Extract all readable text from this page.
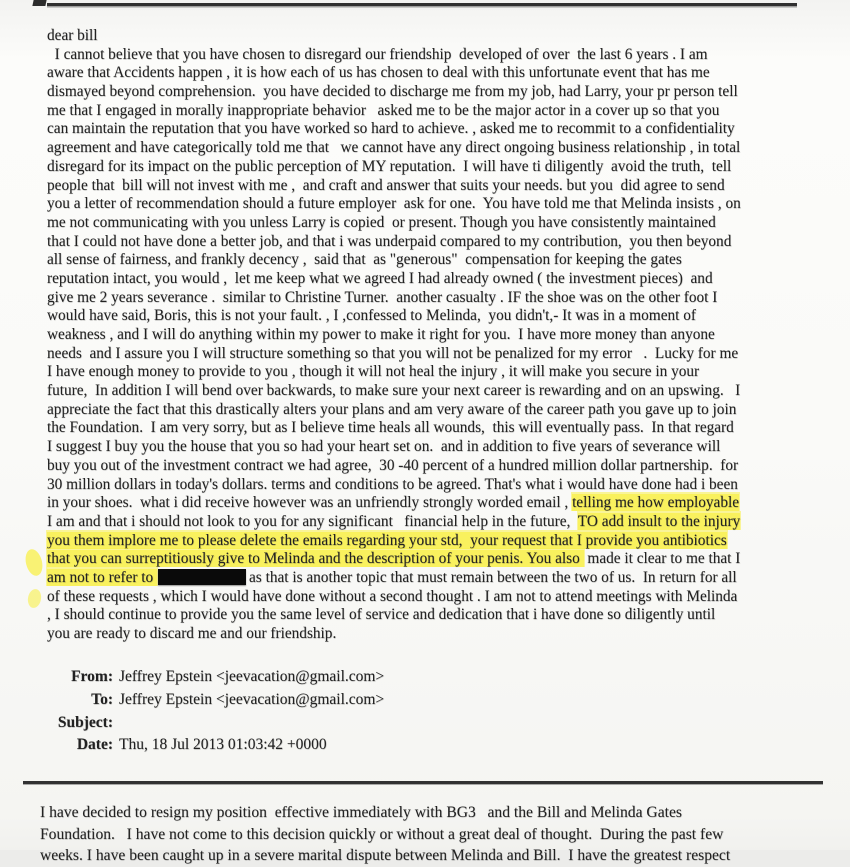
dear bill
I cannot believe that you have chosen to disregard our friendship  developed of over  the last 6 years . I am
aware that Accidents happen , it is how each of us has chosen to deal with this unfortunate event that has me
dismayed beyond comprehension.  you have decided to discharge me from my job, had Larry, your pr person tell
me that I engaged in morally inappropriate behavior   asked me to be the major actor in a cover up so that you
can maintain the reputation that you have worked so hard to achieve. , asked me to recommit to a confidentiality
agreement and have categorically told me that   we cannot have any direct ongoing business relationship , in total
disregard for its impact on the public perception of MY reputation.  I will have ti diligently  avoid the truth,  tell
people that  bill will not invest with me ,  and craft and answer that suits your needs. but you  did agree to send
you a letter of recommendation should a future employer  ask for one.  You have told me that Melinda insists , on
me not communicating with you unless Larry is copied  or present. Though you have consistently maintained
that I could not have done a better job, and that i was underpaid compared to my contribution,  you then beyond
all sense of fairness, and frankly decency ,  said that  as "generous"  compensation for keeping the gates
reputation intact, you would ,  let me keep what we agreed I had already owned ( the investment pieces)  and
give me 2 years severance .  similar to Christine Turner.  another casualty . IF the shoe was on the other foot I
would have said, Boris, this is not your fault. , I ,confessed to Melinda,  you didn't,- It was in a moment of
weakness , and I will do anything within my power to make it right for you.  I have more money than anyone
needs  and I assure you I will structure something so that you will not be penalized for my error   .  Lucky for me
I have enough money to provide to you , though it will not heal the injury , it will make you secure in your
future,  In addition I will bend over backwards, to make sure your next career is rewarding and on an upswing.   I
appreciate the fact that this drastically alters your plans and am very aware of the career path you gave up to join
the Foundation.  I am very sorry, but as I believe time heals all wounds,  this will eventually pass.  In that regard
I suggest I buy you the house that you so had your heart set on.  and in addition to five years of severance will
buy you out of the investment contract we had agree,  30 -40 percent of a hundred million dollar partnership.  for
30 million dollars in today's dollars. terms and conditions to be agreed. That's what i would have done had i been
in your shoes.  what i did receive however was an unfriendly strongly worded email , telling me how employable
I am and that i should not look to you for any significant   financial help in the future,  TO add insult to the injury
you them implore me to please delete the emails regarding your std,  your request that I provide you antibiotics
that you can surreptitiously give to Melinda and the description of your penis. You also  made it clear to me that I
am not to refer to	as that is another topic that must remain between the two of us.  In return for all
of these requests , which I would have done without a second thought . I am not to attend meetings with Melinda
, I should continue to provide you the same level of service and dedication that i have done so diligently until
you are ready to discard me and our friendship.
From: Jeffrey Epstein <jeevacation@gmail.com>
To: Jeffrey Epstein <jeevacation@gmail.com>
Subject:
Date: Thu, 18 Jul 2013 01:03:42 +0000
I have decided to resign my position  effective immediately with BG3   and the Bill and Melinda Gates
Foundation.   I have not come to this decision quickly or without a great deal of thought.  During the past few
weeks. I have been caught up in a severe marital dispute between Melinda and Bill.  I have the greatest respect
